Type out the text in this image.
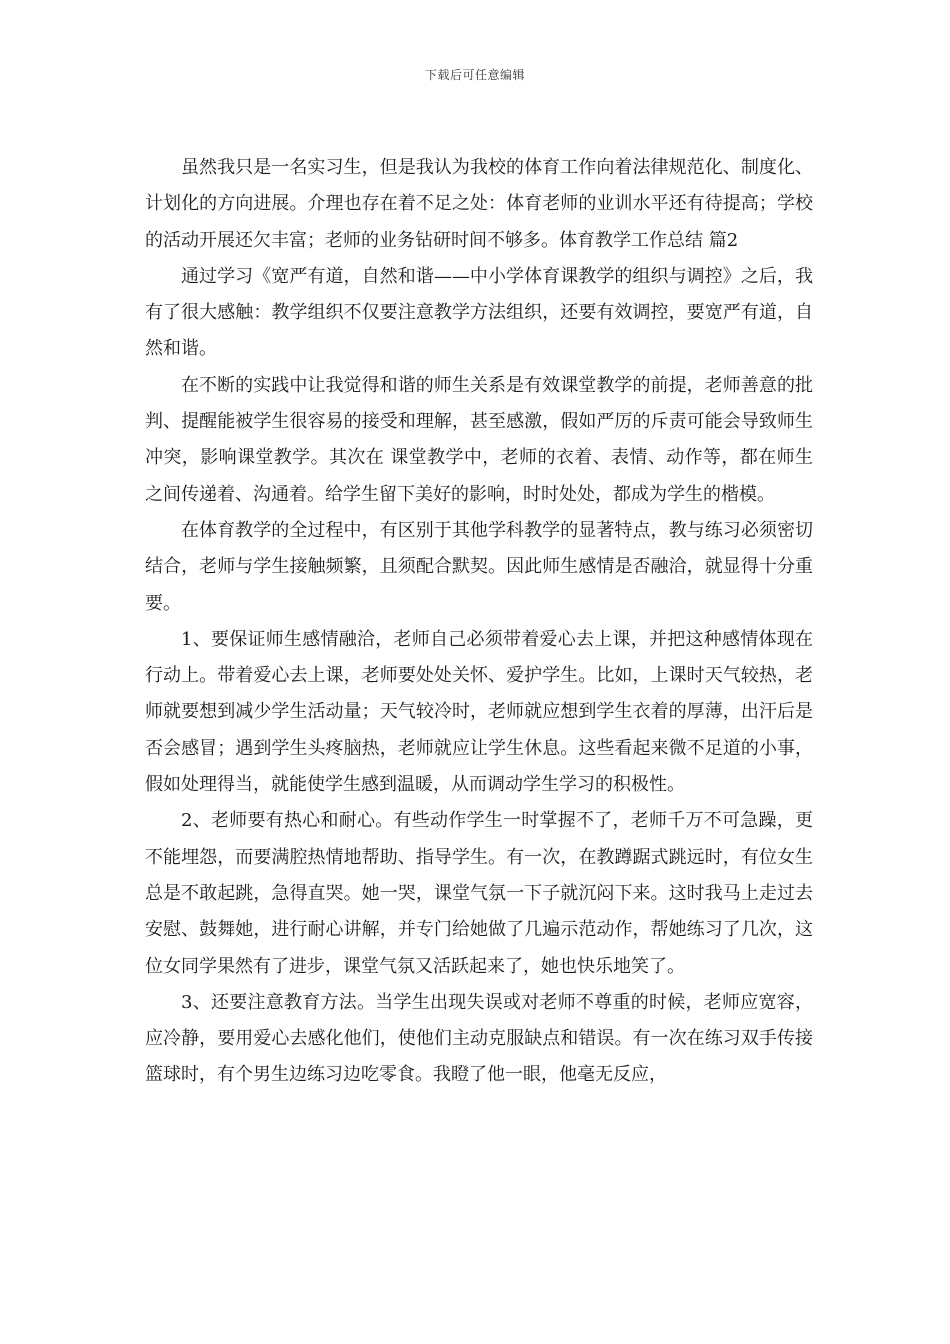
下载后可任意编辑

虽然我只是一名实习生，但是我认为我校的体育工作向着法律规范化、制度化、计划化的方向进展。介理也存在着不足之处：体育老师的业训水平还有待提高；学校的活动开展还欠丰富；老师的业务钻研时间不够多。体育教学工作总结 篇2

通过学习《宽严有道，自然和谐——中小学体育课教学的组织与调控》之后，我有了很大感触：教学组织不仅要注意教学方法组织，还要有效调控，要宽严有道，自然和谐。

在不断的实践中让我觉得和谐的师生关系是有效课堂教学的前提，老师善意的批判、提醒能被学生很容易的接受和理解，甚至感激，假如严厉的斥责可能会导致师生冲突，影响课堂教学。其次在 课堂教学中，老师的衣着、表情、动作等，都在师生之间传递着、沟通着。给学生留下美好的影响，时时处处，都成为学生的楷模。

在体育教学的全过程中，有区别于其他学科教学的显著特点，教与练习必须密切结合，老师与学生接触频繁，且须配合默契。因此师生感情是否融洽，就显得十分重要。

1、要保证师生感情融洽，老师自己必须带着爱心去上课，并把这种感情体现在行动上。带着爱心去上课，老师要处处关怀、爱护学生。比如，上课时天气较热，老师就要想到减少学生活动量；天气较冷时，老师就应想到学生衣着的厚薄，出汗后是否会感冒；遇到学生头疼脑热，老师就应让学生休息。这些看起来微不足道的小事，假如处理得当，就能使学生感到温暖，从而调动学生学习的积极性。

2、老师要有热心和耐心。有些动作学生一时掌握不了，老师千万不可急躁，更不能埋怨，而要满腔热情地帮助、指导学生。有一次，在教蹲踞式跳远时，有位女生总是不敢起跳，急得直哭。她一哭，课堂气氛一下子就沉闷下来。这时我马上走过去安慰、鼓舞她，进行耐心讲解，并专门给她做了几遍示范动作，帮她练习了几次，这位女同学果然有了进步，课堂气氛又活跃起来了，她也快乐地笑了。

3、还要注意教育方法。当学生出现失误或对老师不尊重的时候，老师应宽容，应冷静，要用爱心去感化他们，使他们主动克服缺点和错误。有一次在练习双手传接篮球时，有个男生边练习边吃零食。我瞪了他一眼，他毫无反应，
